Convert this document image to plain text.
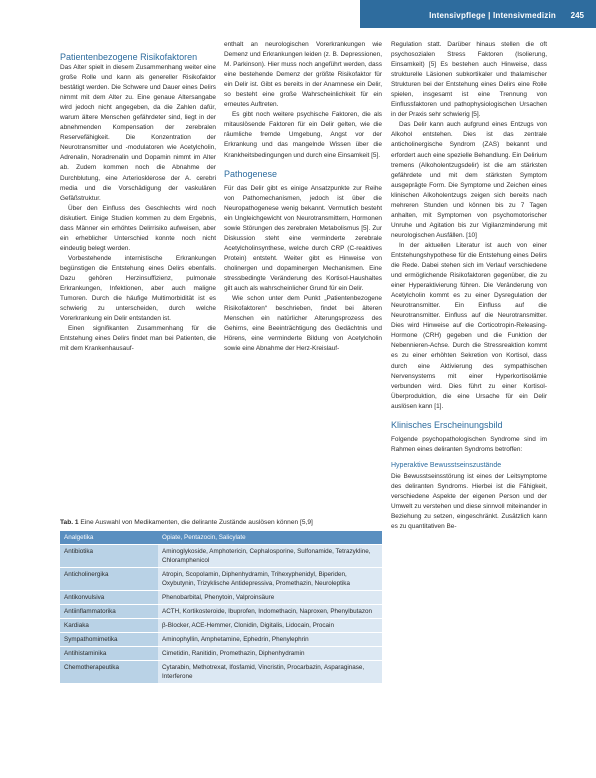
Intensivpflege | Intensivmedizin 245
Patientenbezogene Risikofaktoren

Das Alter spielt in diesem Zusammenhang weiter eine große Rolle und kann als genereller Risikofaktor bestätigt werden. Die Schwere und Dauer eines Delirs nimmt mit dem Alter zu. Eine genaue Altersangabe wird jedoch nicht angegeben, da die Zahlen dafür, warum ältere Menschen gefährdeter sind, liegt in der abnehmenden Kompensation der zerebralen Reservefähigkeit. Die Konzentration der Neurotransmitter und -modulatoren wie Acetylcholin, Adrenalin, Noradrenalin und Dopamin nimmt im Alter ab. Zudem kommen noch die Abnahme der Durchblutung, eine Arteriosklerose der A. cerebri media und die Vorschädigung der vaskulären Gefäßstruktur.

Über den Einfluss des Geschlechts wird noch diskutiert. Einige Studien kommen zu dem Ergebnis, dass Männer ein erhöhtes Delirrisiko aufweisen, aber ein erheblicher Unterschied konnte noch nicht eindeutig belegt werden.

Vorbestehende internistische Erkrankungen begünstigen die Entstehung eines Delirs ebenfalls. Dazu gehören Herzinsuffizienz, pulmonale Erkrankungen, Infektionen, aber auch maligne Tumoren. Durch die häufige Multimorbidität ist es schwierig zu unterscheiden, durch welche Vorerkrankung ein Delir entstanden ist.

Einen signifikanten Zusammenhang für die Entstehung eines Delirs findet man bei Patienten, die mit dem Krankenhausauf-

enthalt an neurologischen Vorerkrankungen wie Demenz und Erkrankungen leiden (z. B. Depressionen, M. Parkinson). Hier muss noch angeführt werden, dass eine bestehende Demenz der größte Risikofaktor für ein Delir ist. Gibt es bereits in der Anamnese ein Delir, so besteht eine große Wahrscheinlichkeit für ein erneutes Auftreten.

Es gibt noch weitere psychische Faktoren, die als mitauslösende Faktoren für ein Delir gelten, wie die räumliche fremde Umgebung, Angst vor der Erkrankung und das mangelnde Wissen über die Krankheitsbedingungen und durch eine Einsamkeit [5].

Pathogenese

Für das Delir gibt es einige Ansatzpunkte zur Reihe von Pathomechanismen, jedoch ist über die Neuropathogenese wenig bekannt. Vermutlich besteht ein Ungleichgewicht von Neurotransmittern, Hormonen sowie Störungen des zerebralen Metabolismus [5]. Zur Diskussion steht eine verminderte zerebrale Acetylcholinsynthese, welche durch CRP (C-reaktives Protein) entsteht. Weiter gibt es Hinweise von cholinergen und dopaminergen Mechanismen. Eine stressbedingte Veränderung des Kortisol-Haushaltes gilt auch als wahrscheinlicher Grund für ein Delir.

Wie schon unter dem Punkt „Patientenbezogene Risikofaktoren“ beschrieben, findet bei älteren Menschen ein natürlicher Alterungsprozess des Gehirns, eine Beeinträchtigung des Gedächtnis und Hörens, eine verminderte Bildung von Acetylcholin sowie eine Abnahme der Herz-Kreislauf-

Regulation statt. Darüber hinaus stellen die oft psychosozialen Stress Faktoren (Isolierung, Einsamkeit) [5] Es bestehen auch Hinweise, dass strukturelle Läsionen subkortikaler und thalamischer Strukturen bei der Entstehung eines Delirs eine Rolle spielen, insgesamt ist eine Trennung von Einflussfaktoren und pathophysiologischen Ursachen in der Praxis sehr schwierig [5].

Das Delir kann auch aufgrund eines Entzugs von Alkohol entstehen. Dies ist das zentrale anticholinergische Syndrom (ZAS) bekannt und erfordert auch eine spezielle Behandlung. Ein Delirium tremens (Alkoholentzugsdelir) ist die am stärksten gefährdete und mit dem stärksten Symptom ausgeprägte Form. Die Symptome und Zeichen eines klinischen Alkoholentzugs zeigen sich bereits nach mehreren Stunden und können bis zu 7 Tagen anhalten, mit Symptomen von psychomotorischer Unruhe und Agitation bis zur Vigilanzminderung mit neurologischen Ausfällen. [10]

In der aktuellen Literatur ist auch von einer Entstehungshypothese für die Entstehung eines Delirs die Rede. Dabei stehen sich im Verlauf verschiedene und ermöglichende Risikofaktoren gegenüber, die zu einer Hyperaktivierung führen. Die Veränderung von Acetylcholin kommt es zu einer Dysregulation der Neurotransmitter. Ein Einfluss auf die Neurotransmitter. Einfluss auf die Neurotransmitter. Dies wird Hinweise auf die Corticotropin-Releasing-Hormone (CRH) gegeben und die Funktion der Nebennieren-Achse. Durch die Stressreaktion kommt es zu einer erhöhten Sekretion von Kortisol, dass durch eine Aktivierung des sympathischen Nervensystems mit einer Hyperkortisolämie verbunden wird. Dies führt zu einer Kortisol-Überproduktion, die eine Ursache für ein Delir auslösen kann [1].

Klinisches Erscheinungsbild

Folgende psychopathologischen Syndrome sind im Rahmen eines deliranten Syndroms betroffen:

Hyperaktive Bewusstseinszustände

Die Bewusstseinsstörung ist eines der Leitsymptome des deliranten Syndroms. Hierbei ist die Fähigkeit, verschiedene Aspekte der eigenen Person und der Umwelt zu verstehen und diese sinnvoll miteinander in Beziehung zu setzen, eingeschränkt. Zusätzlich kann es zu quantitativen Be-

Tab. 1 Eine Auswahl von Medikamenten, die delirante Zustände auslösen können [5,9]
Analgetika	Opiate, Pentazocin, Salicylate
Antibiotika	Aminoglykoside, Amphotericin, Cephalosporine, Sulfonamide, Tetrazykline, Chloramphenicol
Anticholinergika	Atropin, Scopolamin, Diphenhydramin, Trihexyphenidyl, Biperiden, Oxybutynin, Trizyklische Antidepressiva, Promethazin, Neuroleptika
Antikonvulsiva	Phenobarbital, Phenytoin, Valproinsäure
Antiinflammatorika	ACTH, Kortikosteroide, Ibuprofen, Indomethacin, Naproxen, Phenylbutazon
Kardiaka	β-Blocker, ACE-Hemmer, Clonidin, Digitalis, Lidocain, Procain
Sympathomimetika	Aminophyllin, Amphetamine, Ephedrin, Phenylephrin
Antihistaminika	Cimetidin, Ranitidin, Promethazin, Diphenhydramin
Chemotherapeutika	Cytarabin, Methotrexat, Ifosfamid, Vincristin, Procarbazin, Asparaginase, Interferone
